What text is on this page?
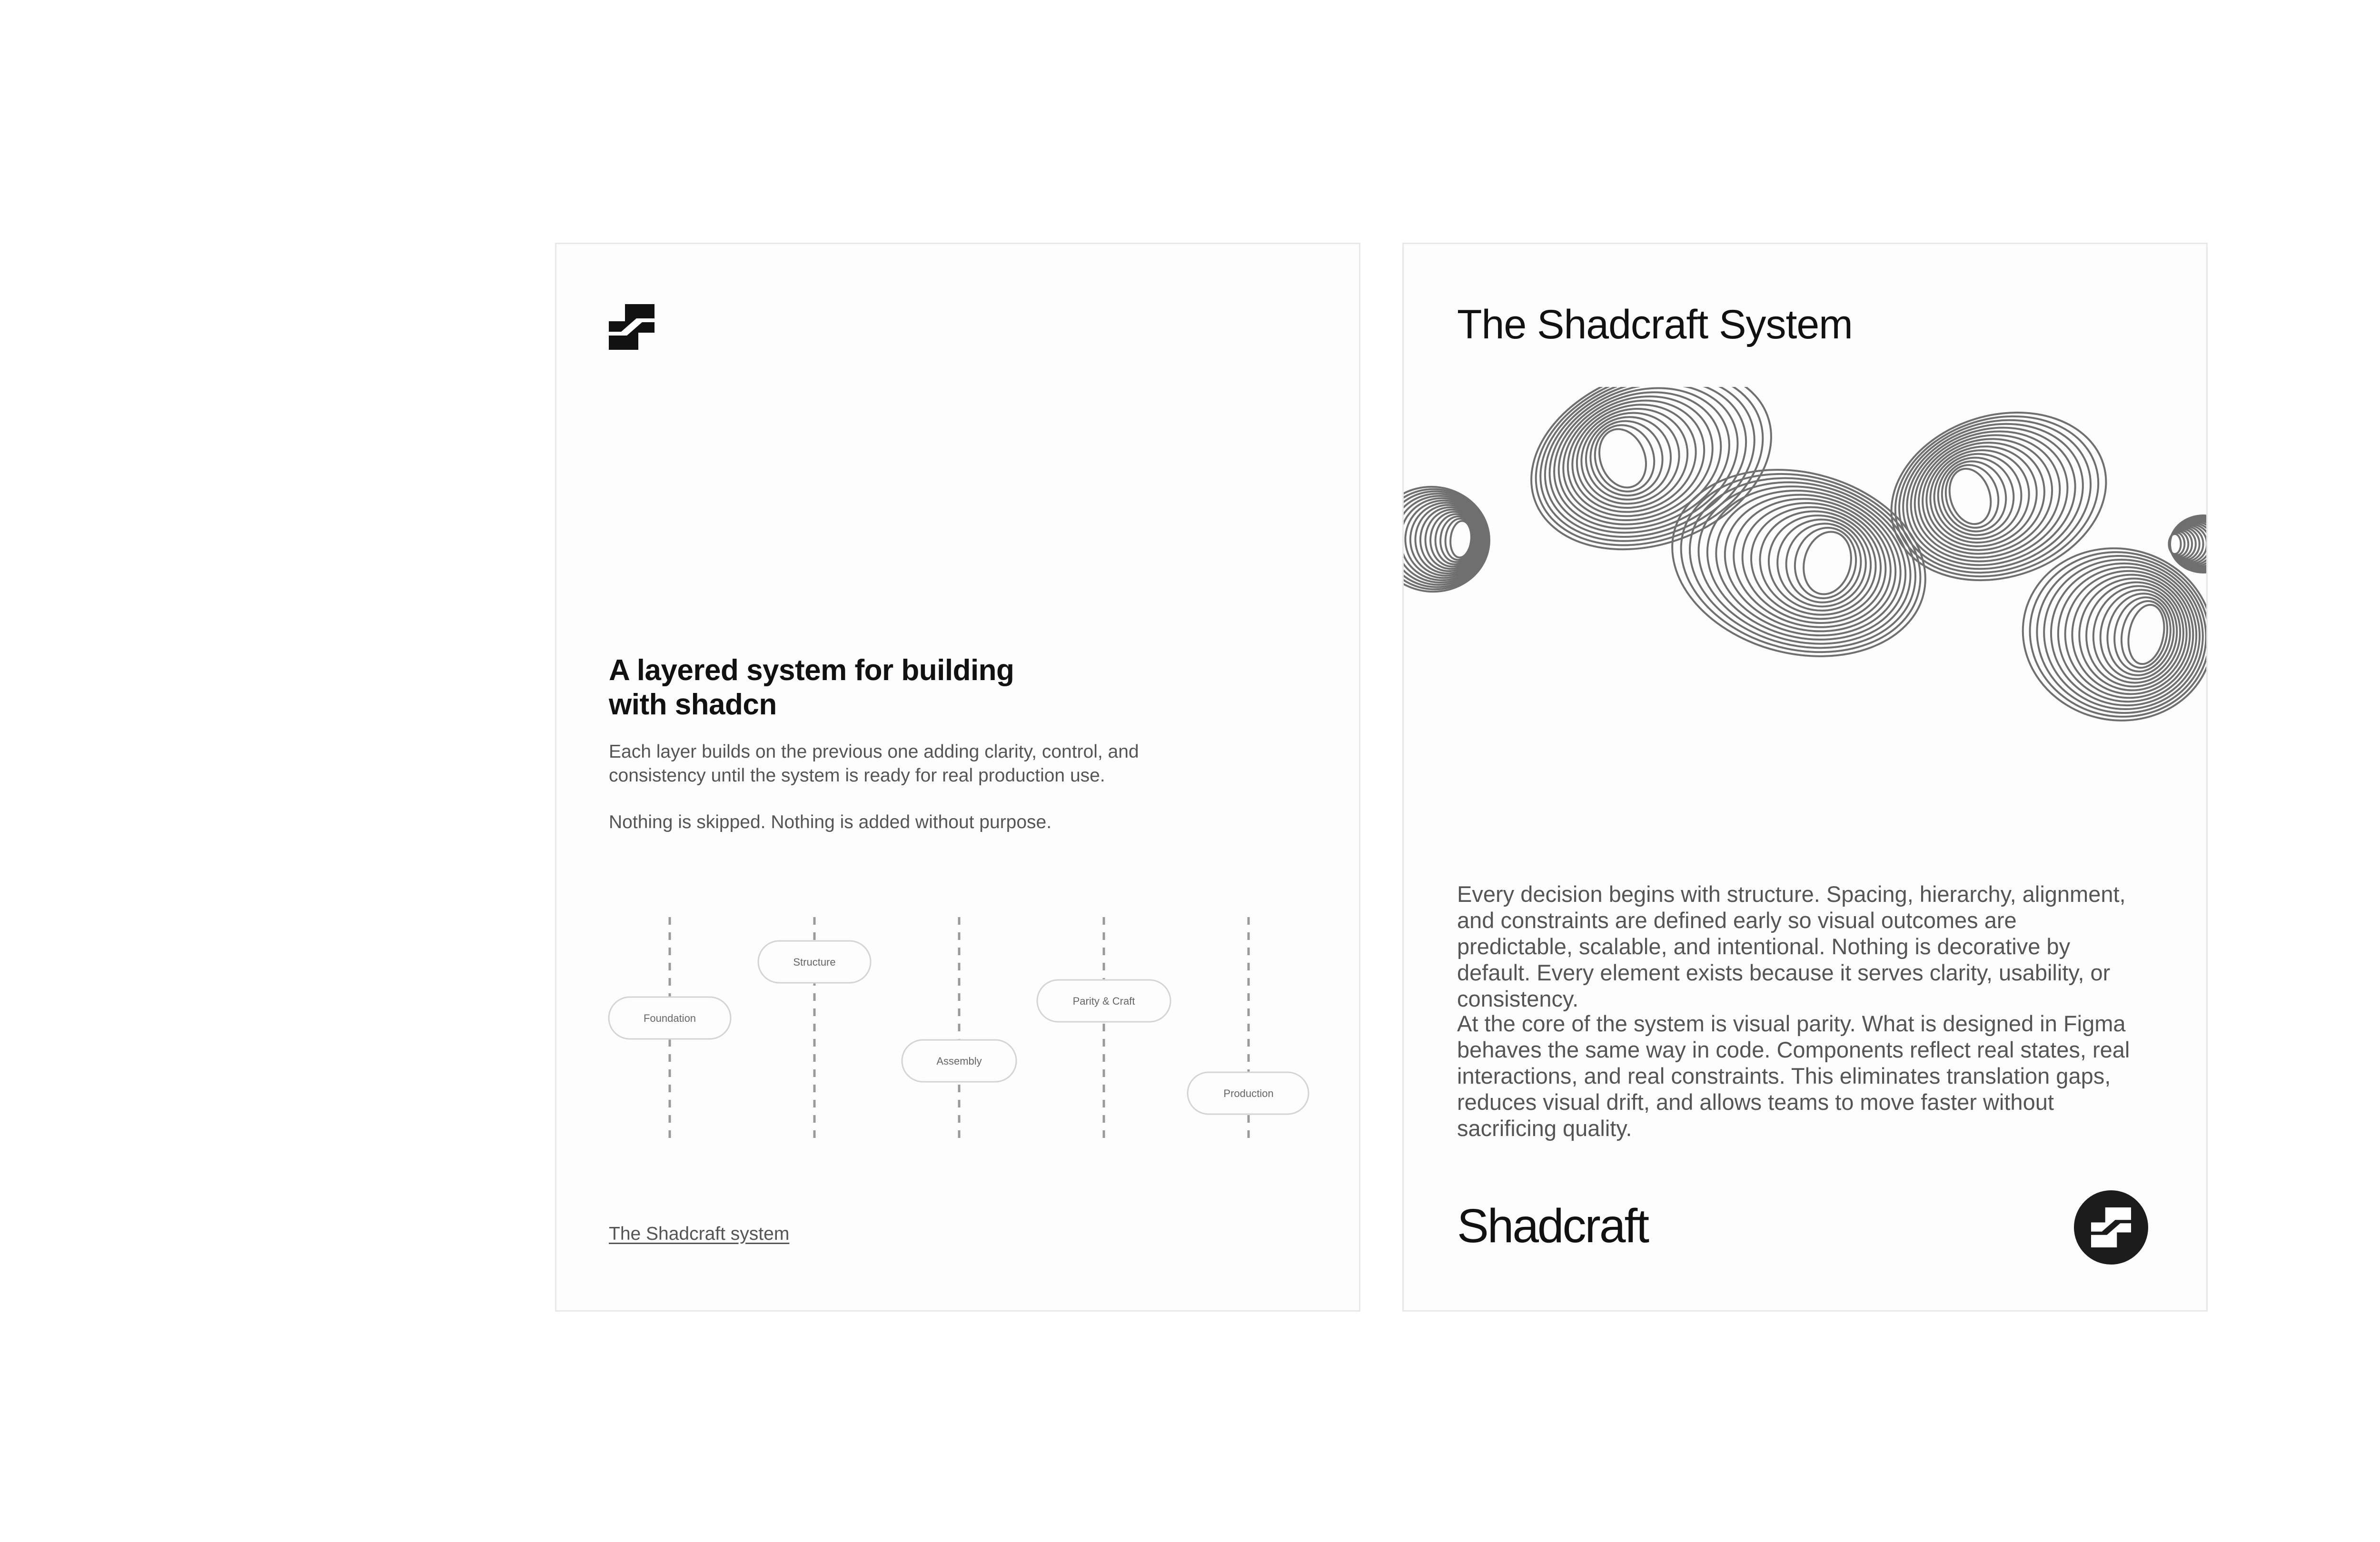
A layered system for building
with shadcn

Each layer builds on the previous one adding clarity, control, and consistency until the system is ready for real production use.

Nothing is skipped. Nothing is added without purpose.

Foundation
Structure
Assembly
Parity & Craft
Production
The Shadcraft system
The Shadcraft System

Every decision begins with structure. Spacing, hierarchy, alignment, and constraints are defined early so visual outcomes are predictable, scalable, and intentional. Nothing is decorative by default. Every element exists because it serves clarity, usability, or consistency.

At the core of the system is visual parity. What is designed in Figma behaves the same way in code. Components reflect real states, real interactions, and real constraints. This eliminates translation gaps, reduces visual drift, and allows teams to move faster without sacrificing quality.

Shadcraft
